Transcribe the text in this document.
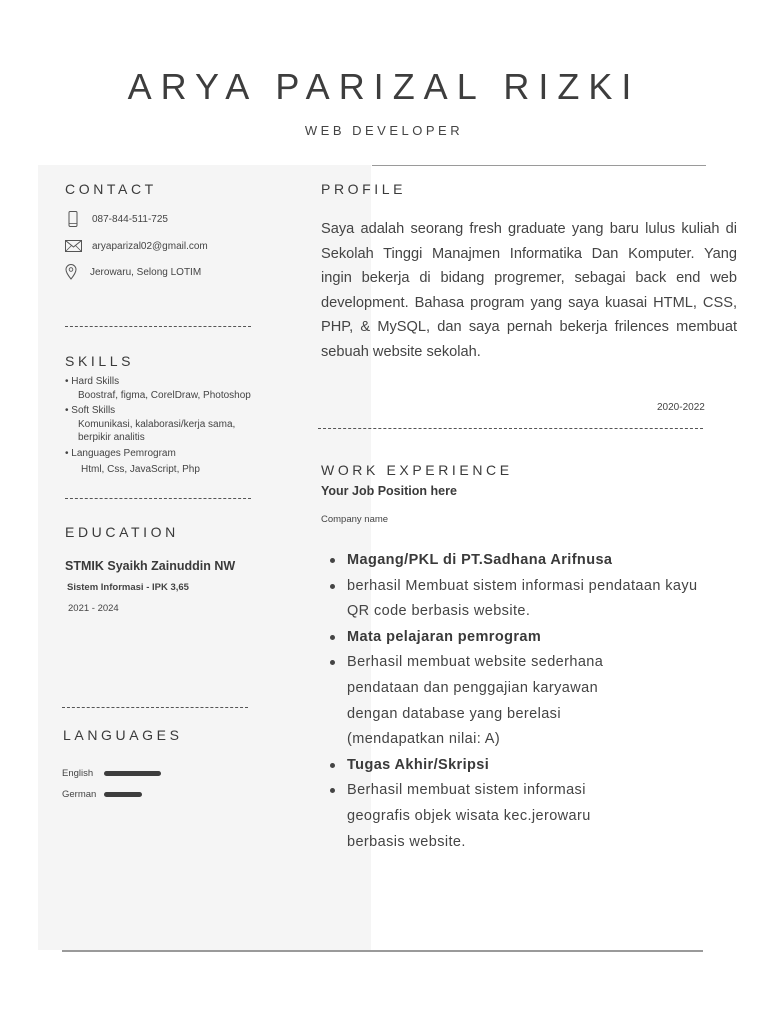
ARYA PARIZAL RIZKI
WEB DEVELOPER
CONTACT
087-844-511-725
aryaparizal02@gmail.com
Jerowaru, Selong LOTIM
SKILLS
• Hard Skills
Boostraf, figma, CorelDraw, Photoshop
• Soft Skills
Komunikasi, kalaborasi/kerja sama,
berpikir analitis
• Languages Pemrogram
Html, Css, JavaScript, Php
EDUCATION
STMIK Syaikh Zainuddin NW
Sistem Informasi - IPK 3,65
2021 - 2024
LANGUAGES
English
German
PROFILE
Saya adalah seorang fresh graduate yang baru lulus kuliah di Sekolah Tinggi Manajmen Informatika Dan Komputer. Yang ingin bekerja di bidang progremer, sebagai back end web development. Bahasa program yang saya kuasai HTML, CSS, PHP, & MySQL, dan saya pernah bekerja frilences membuat sebuah website sekolah.
2020-2022
WORK EXPERIENCE
Your Job Position here
Company name
Magang/PKL di PT.Sadhana Arifnusa
berhasil Membuat sistem informasi pendataan kayu QR code berbasis website.
Mata pelajaran pemrogram
Berhasil membuat website sederhana pendataan dan penggajian karyawan dengan database yang berelasi (mendapatkan nilai: A)
Tugas Akhir/Skripsi
Berhasil membuat sistem informasi geografis objek wisata kec.jerowaru berbasis website.
